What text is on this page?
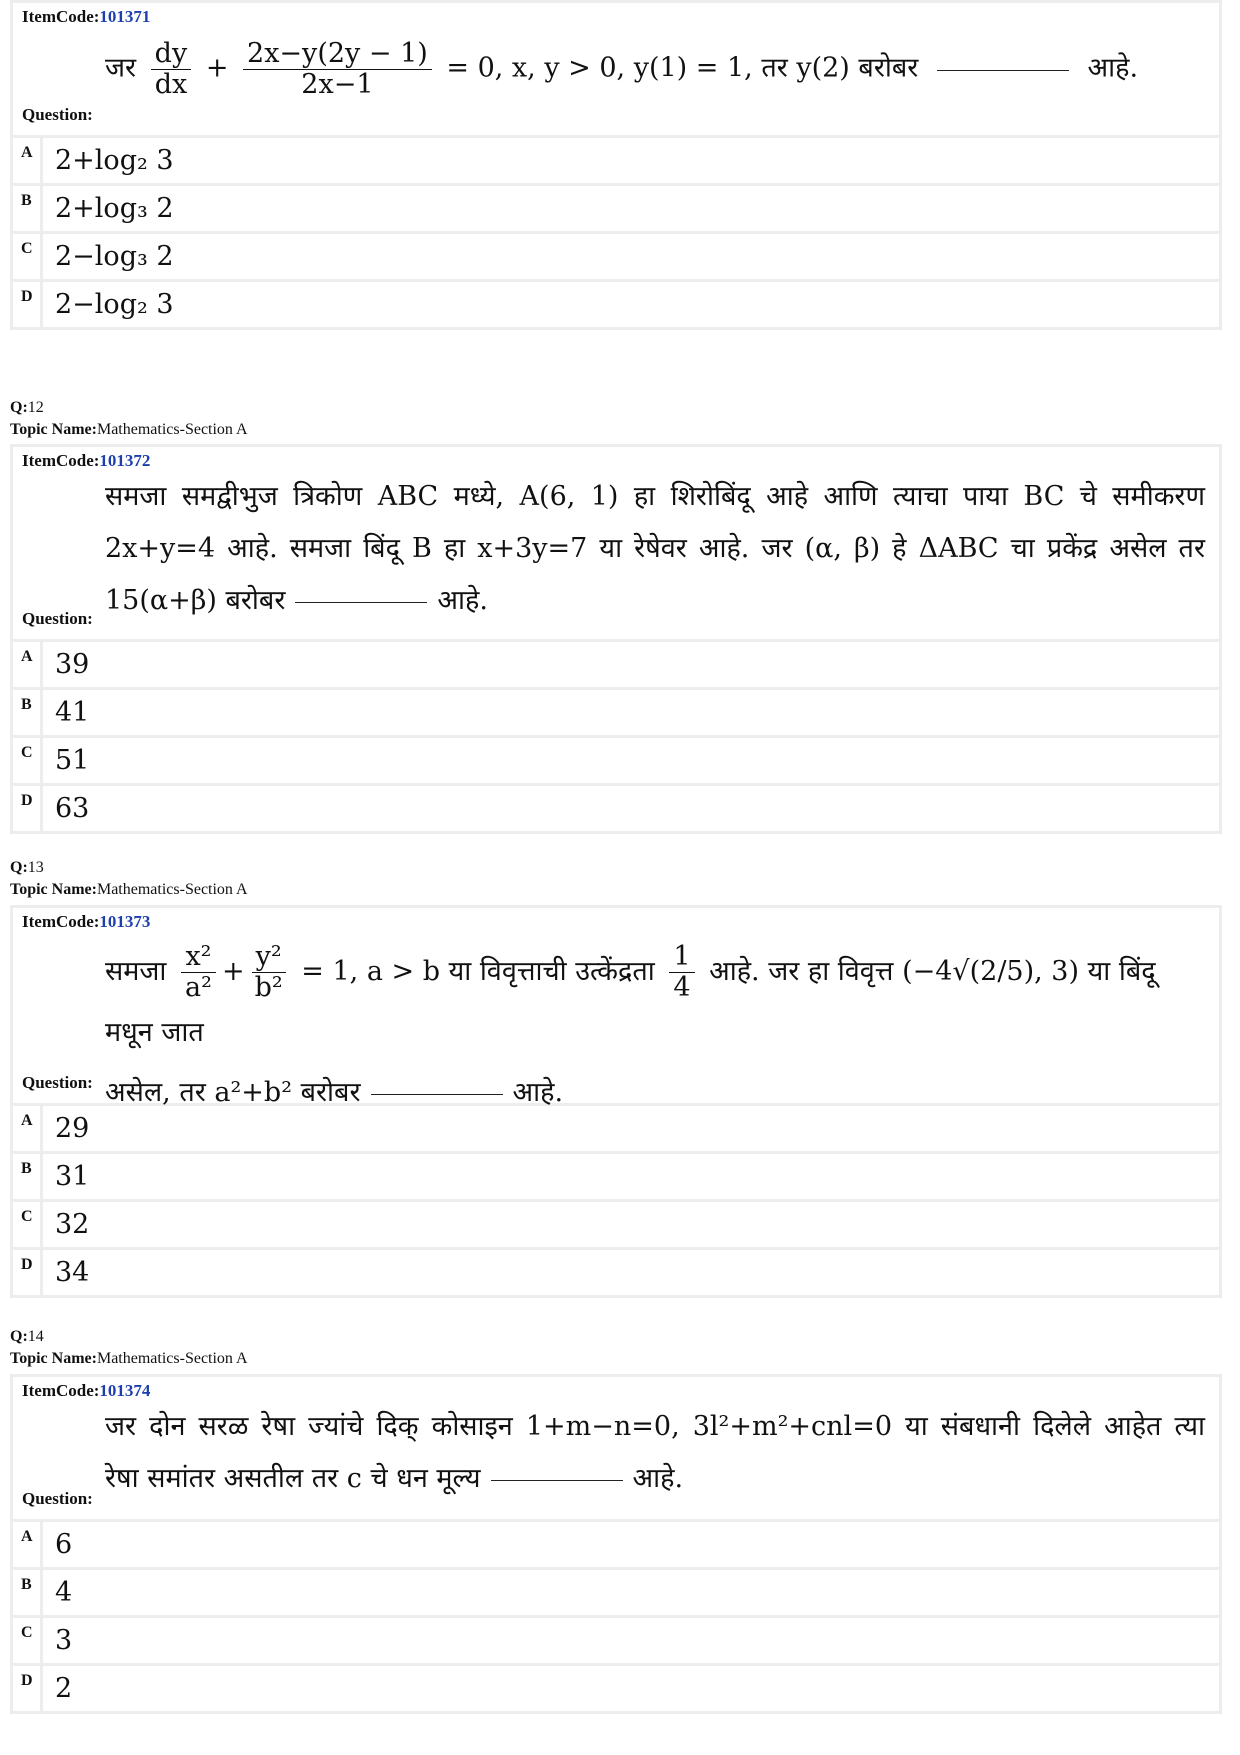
ItemCode:101371
Question:
जर $\frac{dy}{dx} + \frac{2x-y(2y - 1)}{2x-1} = 0$, x, y > 0, y(1) = 1, तर y(2) बरोबर	आहे.
A 2+log₂ 3
B 2+log₃ 2
C 2−log₃ 2
D 2−log₂ 3
Q:12
Topic Name:Mathematics-Section A
ItemCode:101372
Question:
समजा समद्वीभुज त्रिकोण ABC मध्ये, A(6, 1) हा शिरोबिंदू आहे आणि त्याचा पाया BC चे समीकरण
2x+y=4 आहे. समजा बिंदू B हा x+3y=7 या रेषेवर आहे. जर (α, β) हे ΔABC चा प्रकेंद्र असेल तर
15(α+β) बरोबर	आहे.
A 39
B 41
C 51
D 63
Q:13
Topic Name:Mathematics-Section A
ItemCode:101373
Question:
समजा $\frac{\text{x²}}{\text{a²}} + \frac{\text{y²}}{\text{b²}} = 1$, a > b या विवृत्ताची उत्केंद्रता $\frac{1}{4}$ आहे. जर हा विवृत्त (−4√(2/5), 3) या बिंदू मधून जात
असेल, तर a²+b² बरोबर	आहे.
A 29
B 31
C 32
D 34
Q:14
Topic Name:Mathematics-Section A
ItemCode:101374
Question:
जर दोन सरळ रेषा ज्यांचे दिक् कोसाइन 1+m−n=0, 3l²+m²+cnl=0 या संबधानी दिलेले आहेत त्या
रेषा समांतर असतील तर c चे धन मूल्य	आहे.
A 6
B 4
C 3
D 2
